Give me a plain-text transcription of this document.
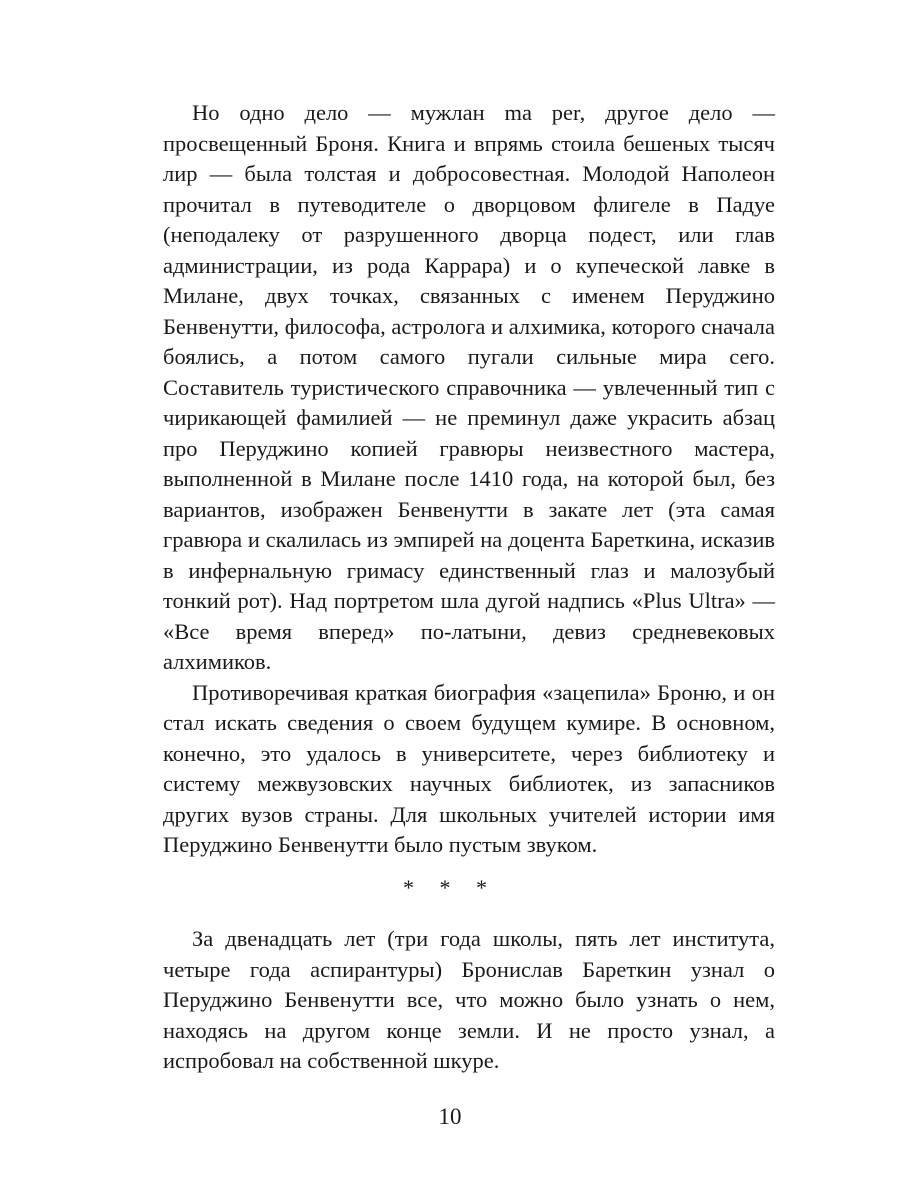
Но одно дело — мужлан ma per, другое дело — просвещенный Броня. Книга и впрямь стоила бешеных тысяч лир — была толстая и добросовестная. Молодой Наполеон прочитал в путеводителе о дворцовом флигеле в Падуе (неподалеку от разрушенного дворца подест, или глав администрации, из рода Каррара) и о купеческой лавке в Милане, двух точках, связанных с именем Перуджино Бенвенутти, философа, астролога и алхимика, которого сначала боялись, а потом самого пугали сильные мира сего. Составитель туристического справочника — увлеченный тип с чирикающей фамилией — не преминул даже украсить абзац про Перуджино копией гравюры неизвестного мастера, выполненной в Милане после 1410 года, на которой был, без вариантов, изображен Бенвенутти в закате лет (эта самая гравюра и скалилась из эмпирей на доцента Бареткина, исказив в инфернальную гримасу единственный глаз и малозубый тонкий рот). Над портретом шла дугой надпись «Plus Ultra» — «Все время вперед» по-латыни, девиз средневековых алхимиков.

Противоречивая краткая биография «зацепила» Броню, и он стал искать сведения о своем будущем кумире. В основном, конечно, это удалось в университете, через библиотеку и систему межвузовских научных библиотек, из запасников других вузов страны. Для школьных учителей истории имя Перуджино Бенвенутти было пустым звуком.

* * *

За двенадцать лет (три года школы, пять лет института, четыре года аспирантуры) Бронислав Бареткин узнал о Перуджино Бенвенутти все, что можно было узнать о нем, находясь на другом конце земли. И не просто узнал, а испробовал на собственной шкуре.

10
